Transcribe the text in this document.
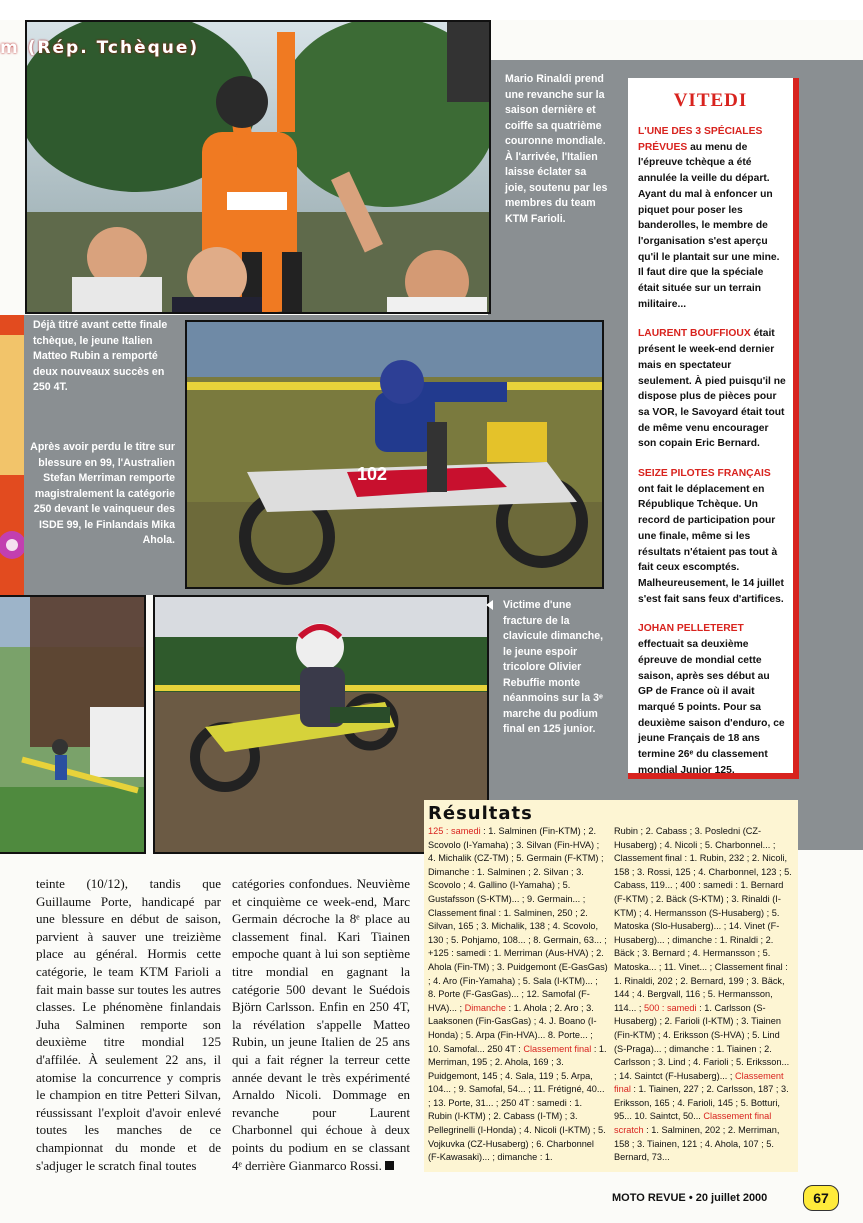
m (Rép. Tchèque)
Mario Rinaldi prend une revanche sur la saison dernière et coiffe sa quatrième couronne mondiale. À l'arrivée, l'Italien laisse éclater sa joie, soutenu par les membres du team KTM Farioli.
VITEDI

L'UNE DES 3 SPÉCIALES PRÉVUES au menu de l'épreuve tchèque a été annulée la veille du départ. Ayant du mal à enfoncer un piquet pour poser les banderolles, le membre de l'organisation s'est aperçu qu'il le plantait sur une mine. Il faut dire que la spéciale était située sur un terrain militaire...

LAURENT BOUFFIOUX était présent le week-end dernier mais en spectateur seulement. À pied puisqu'il ne dispose plus de pièces pour sa VOR, le Savoyard était tout de même venu encourager son copain Eric Bernard.

SEIZE PILOTES FRANÇAIS ont fait le déplacement en République Tchèque. Un record de participation pour une finale, même si les résultats n'étaient pas tout à fait ceux escomptés. Malheureusement, le 14 juillet s'est fait sans feux d'artifices.

JOHAN PELLETERET effectuait sa deuxième épreuve de mondial cette saison, après ses début au GP de France où il avait marqué 5 points. Pour sa deuxième saison d'enduro, ce jeune Français de 18 ans termine 26ᵉ du classement mondial Junior 125.

Déjà titré avant cette finale tchèque, le jeune Italien Matteo Rubin a remporté deux nouveaux succès en 250 4T.
102
Après avoir perdu le titre sur blessure en 99, l'Australien Stefan Merriman remporte magistralement la catégorie 250 devant le vainqueur des ISDE 99, le Finlandais Mika Ahola.
Victime d'une fracture de la clavicule dimanche, le jeune espoir tricolore Olivier Rebuffie monte néanmoins sur la 3ᵉ marche du podium final en 125 junior.
Résultats
125 : samedi : 1. Salminen (Fin-KTM) ; 2. Scovolo (I-Yamaha) ; 3. Silvan (Fin-HVA) ; 4. Michalik (CZ-TM) ; 5. Germain (F-KTM) ; Dimanche : 1. Salminen ; 2. Silvan ; 3. Scovolo ; 4. Gallino (I-Yamaha) ; 5. Gustafsson (S-KTM)... ; 9. Germain... ; Classement final : 1. Salminen, 250 ; 2. Silvan, 165 ; 3. Michalik, 138 ; 4. Scovolo, 130 ; 5. Pohjamo, 108... ; 8. Germain, 63... ; +125 : samedi : 1. Merriman (Aus-HVA) ; 2. Ahola (Fin-TM) ; 3. Puidgemont (E-GasGas) ; 4. Aro (Fin-Yamaha) ; 5. Sala (I-KTM)... ; 8. Porte (F-GasGas)... ; 12. Samofal (F-HVA)... ; Dimanche : 1. Ahola ; 2. Aro ; 3. Laaksonen (Fin-GasGas) ; 4. J. Boano (I-Honda) ; 5. Arpa (Fin-HVA)... 8. Porte... ; 10. Samofal... 250 4T : Classement final : 1. Merriman, 195 ; 2. Ahola, 169 ; 3. Puidgemont, 145 ; 4. Sala, 119 ; 5. Arpa, 104... ; 9. Samofal, 54... ; 11. Frétigné, 40... ; 13. Porte, 31... ; 250 4T : samedi : 1. Rubin (I-KTM) ; 2. Cabass (I-TM) ; 3. Pellegrinelli (I-Honda) ; 4. Nicoli (I-KTM) ; 5. Vojkuvka (CZ-Husaberg) ; 6. Charbonnel (F-Kawasaki)... ; dimanche : 1.
Rubin ; 2. Cabass ; 3. Posledni (CZ-Husaberg) ; 4. Nicoli ; 5. Charbonnel... ; Classement final : 1. Rubin, 232 ; 2. Nicoli, 158 ; 3. Rossi, 125 ; 4. Charbonnel, 123 ; 5. Cabass, 119... ; 400 : samedi : 1. Bernard (F-KTM) ; 2. Bäck (S-KTM) ; 3. Rinaldi (I-KTM) ; 4. Hermansson (S-Husaberg) ; 5. Matoska (Slo-Husaberg)... ; 14. Vinet (F-Husaberg)... ; dimanche : 1. Rinaldi ; 2. Bäck ; 3. Bernard ; 4. Hermansson ; 5. Matoska... ; 11. Vinet... ; Classement final : 1. Rinaldi, 202 ; 2. Bernard, 199 ; 3. Bäck, 144 ; 4. Bergvall, 116 ; 5. Hermansson, 114... ; 500 : samedi : 1. Carlsson (S-Husaberg) ; 2. Farioli (I-KTM) ; 3. Tiainen (Fin-KTM) ; 4. Eriksson (S-HVA) ; 5. Lind (S-Praga)... ; dimanche : 1. Tiainen ; 2. Carlsson ; 3. Lind ; 4. Farioli ; 5. Eriksson... ; 14. Saintct (F-Husaberg)... ; Classement final : 1. Tiainen, 227 ; 2. Carlsson, 187 ; 3. Eriksson, 165 ; 4. Farioli, 145 ; 5. Botturi, 95... 10. Saintct, 50... Classement final scratch : 1. Salminen, 202 ; 2. Merriman, 158 ; 3. Tiainen, 121 ; 4. Ahola, 107 ; 5. Bernard, 73...
teinte (10/12), tandis que Guillaume Porte, handicapé par une blessure en début de saison, parvient à sauver une treizième place au général. Hormis cette catégorie, le team KTM Farioli a fait main basse sur toutes les autres classes. Le phénomène finlandais Juha Salminen remporte son deuxième titre mondial 125 d'affilée. À seulement 22 ans, il atomise la concurrence y compris le champion en titre Petteri Silvan, réussissant l'exploit d'avoir enlevé toutes les manches de ce championnat du monde et de s'adjuger le scratch final toutes
catégories confondues. Neuvième et cinquième ce week-end, Marc Germain décroche la 8ᵉ place au classement final. Kari Tiainen empoche quant à lui son septième titre mondial en gagnant la catégorie 500 devant le Suédois Björn Carlsson. Enfin en 250 4T, la révélation s'appelle Matteo Rubin, un jeune Italien de 25 ans qui a fait régner la terreur cette année devant le très expérimenté Arnaldo Nicoli. Dommage en revanche pour Laurent Charbonnel qui échoue à deux points du podium en se classant 4ᵉ derrière Gianmarco Rossi.
MOTO REVUE • 20 juillet 2000	67
